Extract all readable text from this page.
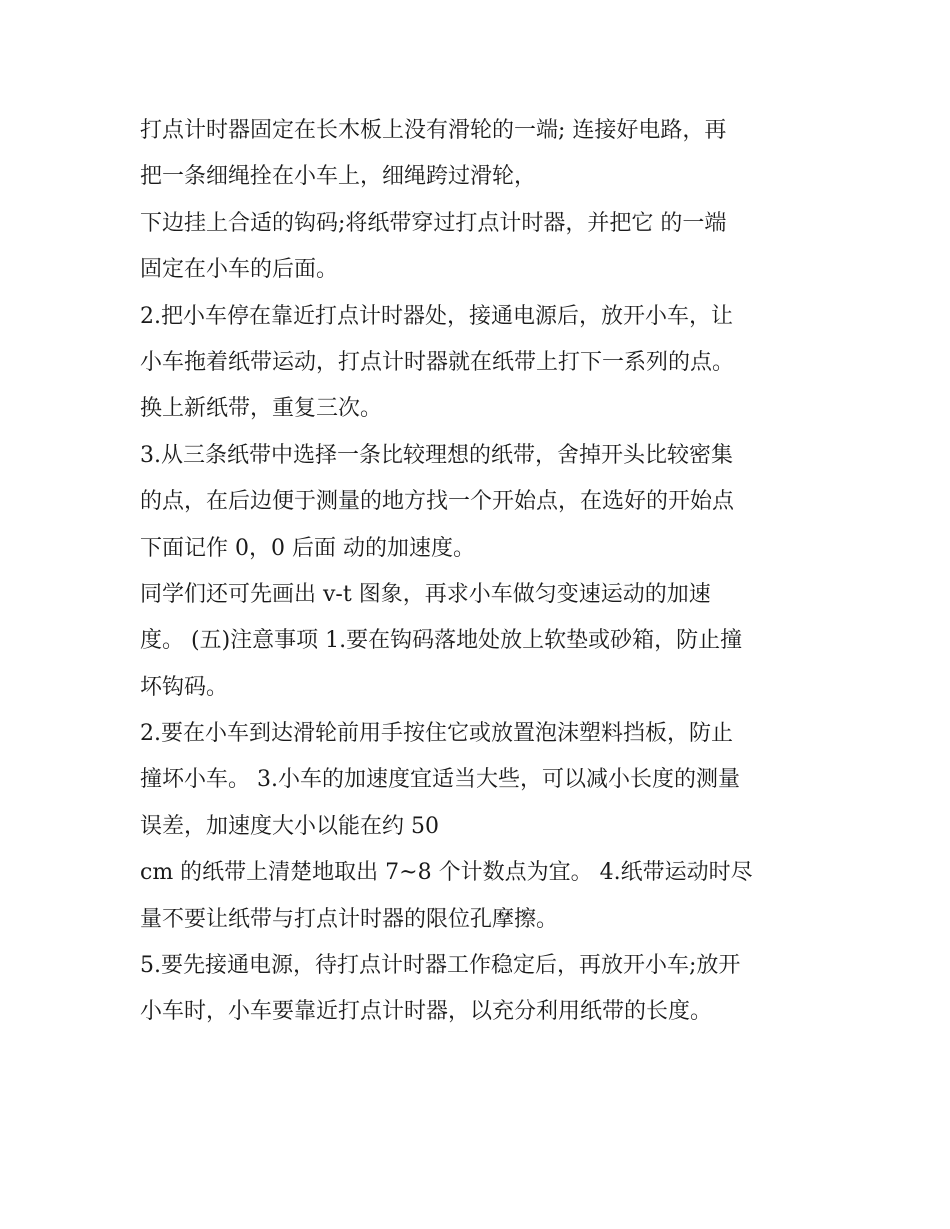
打点计时器固定在长木板上没有滑轮的一端; 连接好电路，再
把一条细绳拴在小车上，细绳跨过滑轮，
下边挂上合适的钩码;将纸带穿过打点计时器，并把它 的一端
固定在小车的后面。
2.把小车停在靠近打点计时器处，接通电源后，放开小车，让
小车拖着纸带运动，打点计时器就在纸带上打下一系列的点。
换上新纸带，重复三次。
3.从三条纸带中选择一条比较理想的纸带，舍掉开头比较密集
的点，在后边便于测量的地方找一个开始点，在选好的开始点
下面记作 0，0 后面 动的加速度。
同学们还可先画出 v-t 图象，再求小车做匀变速运动的加速
度。 (五)注意事项 1.要在钩码落地处放上软垫或砂箱，防止撞
坏钩码。
2.要在小车到达滑轮前用手按住它或放置泡沫塑料挡板，防止
撞坏小车。 3.小车的加速度宜适当大些，可以减小长度的测量
误差，加速度大小以能在约 50
cm 的纸带上清楚地取出 7~8 个计数点为宜。 4.纸带运动时尽
量不要让纸带与打点计时器的限位孔摩擦。
5.要先接通电源，待打点计时器工作稳定后，再放开小车;放开
小车时，小车要靠近打点计时器，以充分利用纸带的长度。
